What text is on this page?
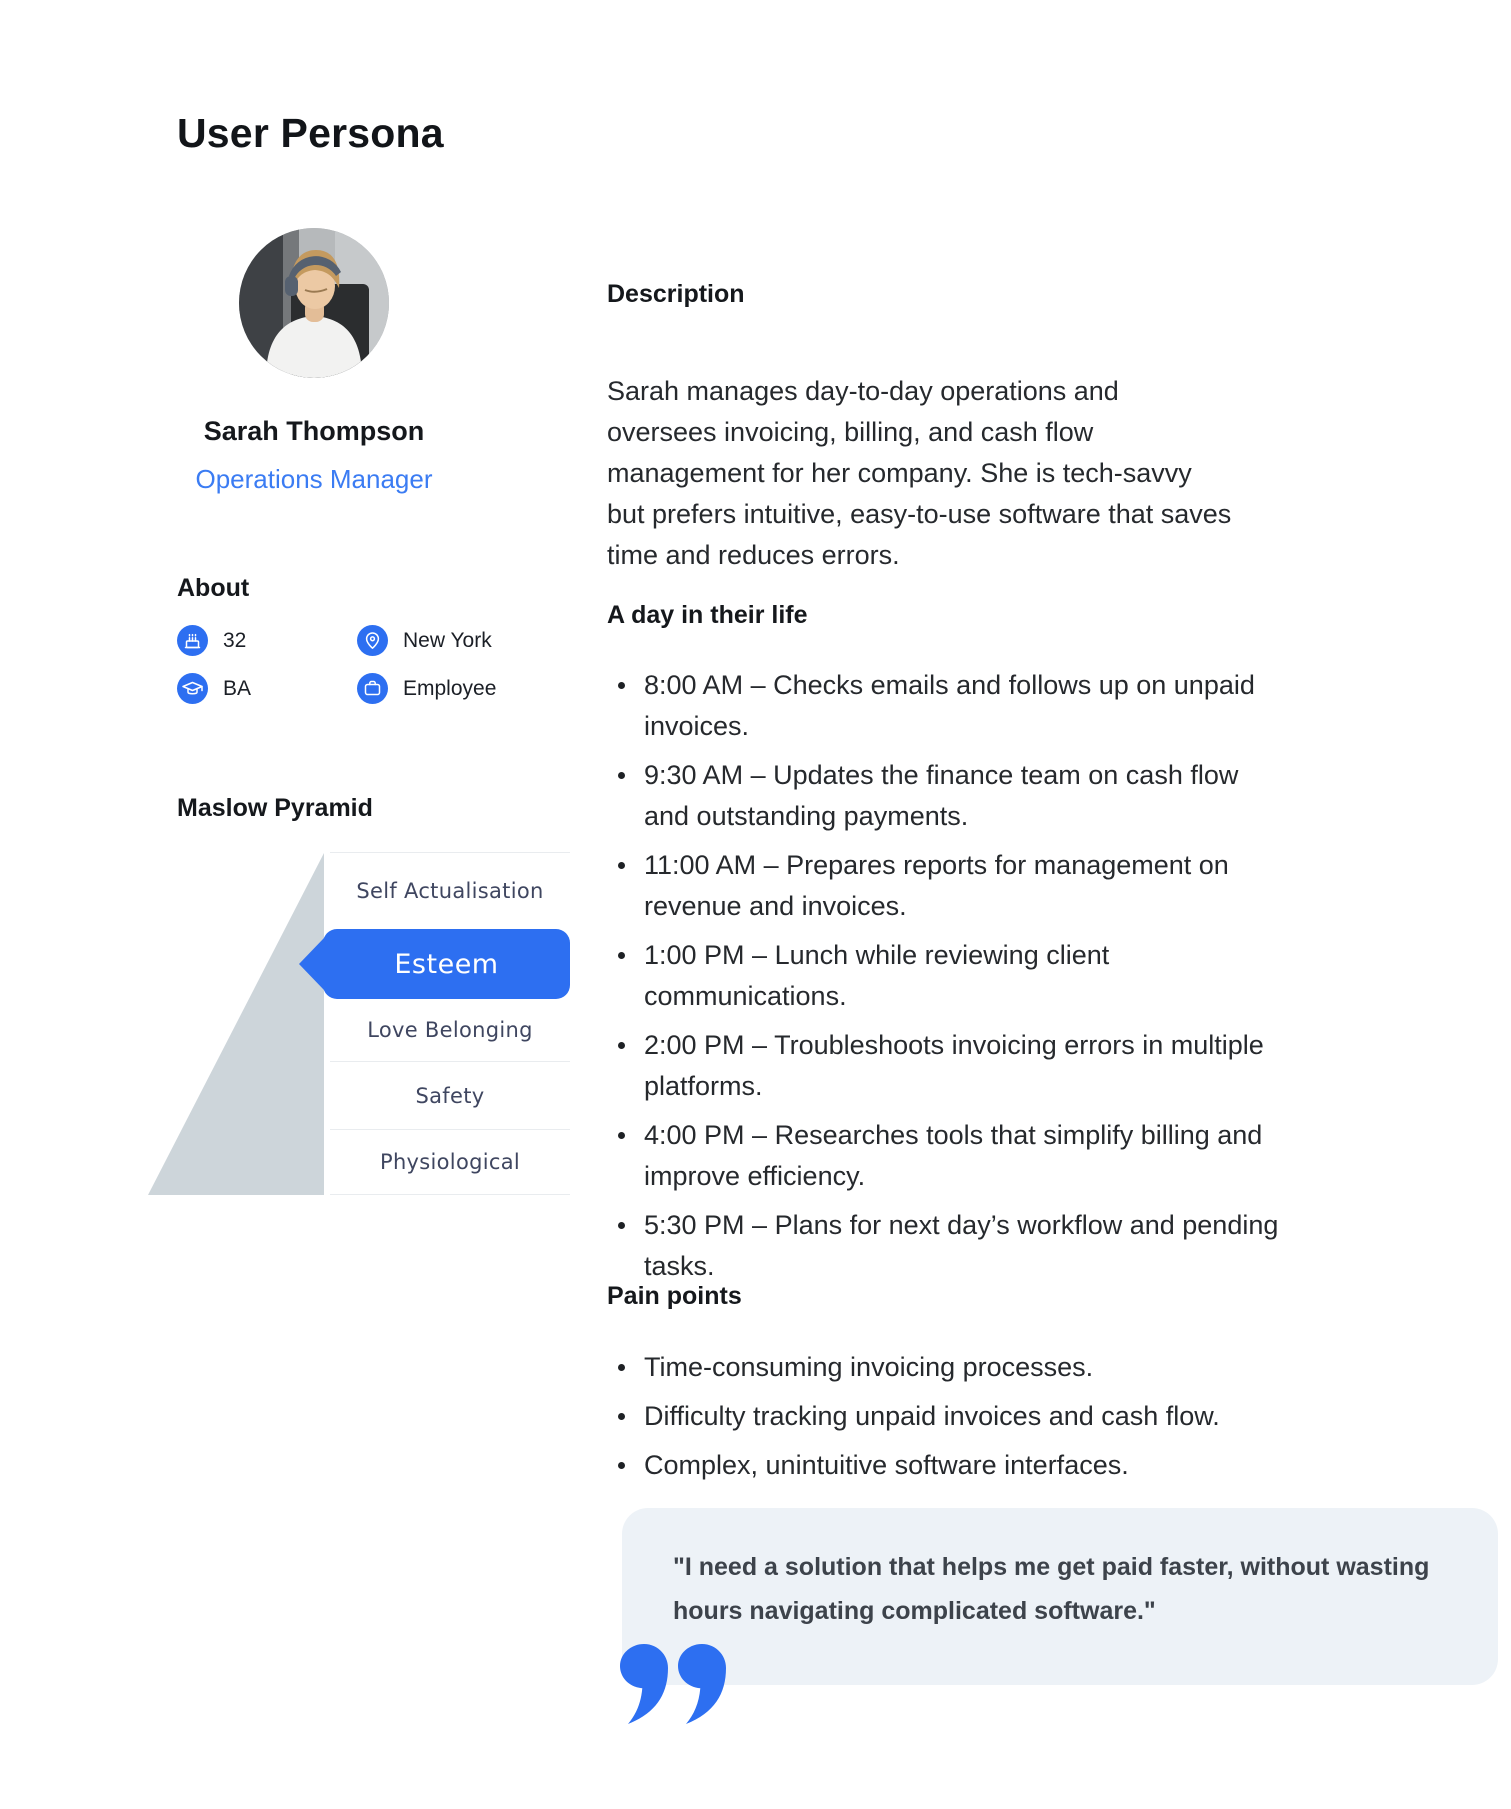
User Persona
Sarah Thompson
Operations Manager
About
32	New York
BA	Employee
Maslow Pyramid
Self Actualisation
Esteem
Love Belonging
Safety
Physiological
Description

Sarah manages day-to-day operations and oversees invoicing, billing, and cash flow management for her company. She is tech-savvy but prefers intuitive, easy-to-use software that saves time and reduces errors.

A day in their life
8:00 AM – Checks emails and follows up on unpaid invoices.
9:30 AM – Updates the finance team on cash flow and outstanding payments.
11:00 AM – Prepares reports for management on revenue and invoices.
1:00 PM – Lunch while reviewing client communications.
2:00 PM – Troubleshoots invoicing errors in multiple platforms.
4:00 PM – Researches tools that simplify billing and improve efficiency.
5:30 PM – Plans for next day’s workflow and pending tasks.
Pain points
Time-consuming invoicing processes.
Difficulty tracking unpaid invoices and cash flow.
Complex, unintuitive software interfaces.
"I need a solution that helps me get paid faster, without wasting hours navigating complicated software."
